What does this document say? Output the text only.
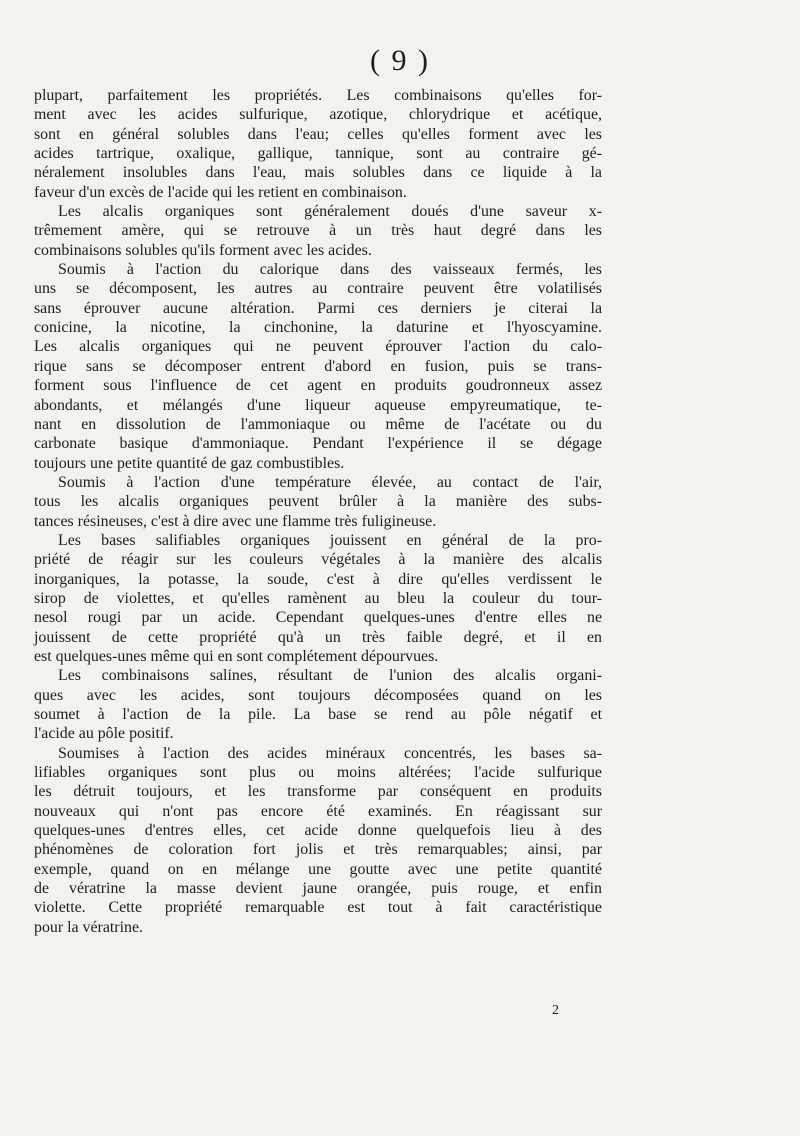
( 9 )

plupart, parfaitement les propriétés. Les combinaisons qu'elles for-

ment avec les acides sulfurique, azotique, chlorydrique et acétique,

sont en général solubles dans l'eau; celles qu'elles forment avec les

acides tartrique, oxalique, gallique, tannique, sont au contraire gé-

néralement insolubles dans l'eau, mais solubles dans ce liquide à la

faveur d'un excès de l'acide qui les retient en combinaison.

Les alcalis organiques sont généralement doués d'une saveur x-

trêmement amère, qui se retrouve à un très haut degré dans les

combinaisons solubles qu'ils forment avec les acides.

Soumis à l'action du calorique dans des vaisseaux fermés, les

uns se décomposent, les autres au contraire peuvent être volatilisés

sans éprouver aucune altération. Parmi ces derniers je citerai la

conicine, la nicotine, la cinchonine, la daturine et l'hyoscyamine.

Les alcalis organiques qui ne peuvent éprouver l'action du calo-

rique sans se décomposer entrent d'abord en fusion, puis se trans-

forment sous l'influence de cet agent en produits goudronneux assez

abondants, et mélangés d'une liqueur aqueuse empyreumatique, te-

nant en dissolution de l'ammoniaque ou même de l'acétate ou du

carbonate basique d'ammoniaque. Pendant l'expérience il se dégage

toujours une petite quantité de gaz combustibles.

Soumis à l'action d'une température élevée, au contact de l'air,

tous les alcalis organiques peuvent brûler à la manière des subs-

tances résineuses, c'est à dire avec une flamme très fuligineuse.

Les bases salifiables organiques jouissent en général de la pro-

priété de réagir sur les couleurs végétales à la manière des alcalis

inorganiques, la potasse, la soude, c'est à dire qu'elles verdissent le

sirop de violettes, et qu'elles ramènent au bleu la couleur du tour-

nesol rougi par un acide. Cependant quelques-unes d'entre elles ne

jouissent de cette propriété qu'à un très faible degré, et il en

est quelques-unes même qui en sont complétement dépourvues.

Les combinaisons salines, résultant de l'union des alcalis organi-

ques avec les acides, sont toujours décomposées quand on les

soumet à l'action de la pile. La base se rend au pôle négatif et

l'acide au pôle positif.

Soumises à l'action des acides minéraux concentrés, les bases sa-

lifiables organiques sont plus ou moins altérées; l'acide sulfurique

les détruit toujours, et les transforme par conséquent en produits

nouveaux qui n'ont pas encore été examinés. En réagissant sur

quelques-unes d'entres elles, cet acide donne quelquefois lieu à des

phénomènes de coloration fort jolis et très remarquables; ainsi, par

exemple, quand on en mélange une goutte avec une petite quantité

de vératrine la masse devient jaune orangée, puis rouge, et enfin

violette. Cette propriété remarquable est tout à fait caractéristique

pour la vératrine.

2
